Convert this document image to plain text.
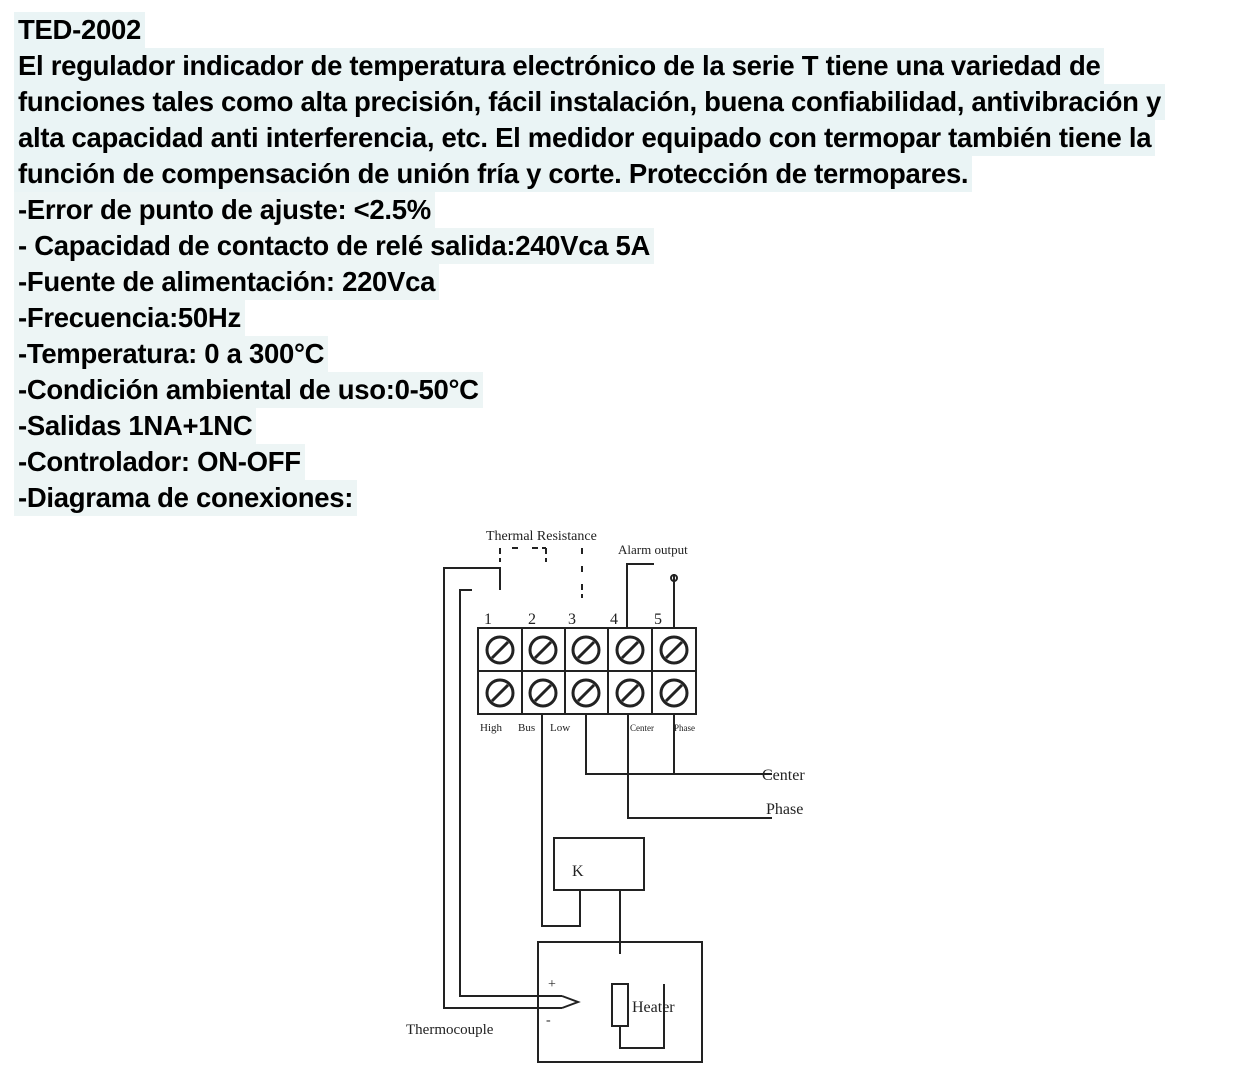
TED-2002
El regulador indicador de temperatura electrónico de la serie T tiene una variedad de
funciones tales como alta precisión, fácil instalación, buena confiabilidad, antivibración y
alta capacidad anti interferencia, etc. El medidor equipado con termopar también tiene la
función de compensación de unión fría y corte. Protección de termopares.
-Error de punto de ajuste: <2.5%
- Capacidad de contacto de relé salida:240Vca 5A
-Fuente de alimentación: 220Vca
-Frecuencia:50Hz
-Temperatura: 0 a 300°C
-Condición ambiental de uso:0-50°C
-Salidas 1NA+1NC
-Controlador: ON-OFF
-Diagrama de conexiones:
Thermal Resistance
Alarm output
1 2 3 4 5
High Bus Low	Center Phase
Center
Phase
K
Heater
Thermocouple
+
-
